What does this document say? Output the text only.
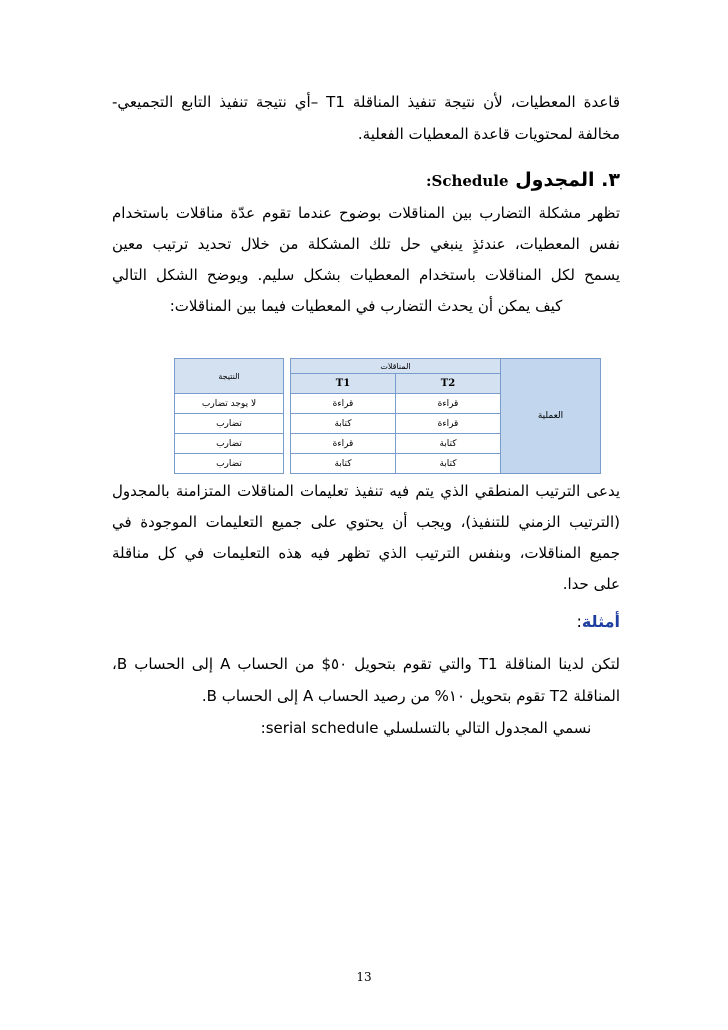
قاعدة المعطيات، لأن نتيجة تنفيذ المناقلة T1 –أي نتيجة تنفيذ التابع التجميعي-
مخالفة لمحتويات قاعدة المعطيات الفعلية.
٣. المجدول Schedule:
تظهر مشكلة التضارب بين المناقلات بوضوح عندما تقوم عدّة مناقلات باستخدام
نفس المعطيات، عندئذٍ ينبغي حل تلك المشكلة من خلال تحديد ترتيب معين
يسمح لكل المناقلات باستخدام المعطيات بشكل سليم. ويوضح الشكل التالي
كيف يمكن أن يحدث التضارب في المعطيات فيما بين المناقلات:
العملية	المناقلات			النتيجة
	T2	T1		
	قراءة	قراءة		لا يوجد تضارب
	قراءة	كتابة		تضارب
	كتابة	قراءة		تضارب
	كتابة	كتابة		تضارب
يدعى الترتيب المنطقي الذي يتم فيه تنفيذ تعليمات المناقلات المتزامنة بالمجدول
(الترتيب الزمني للتنفيذ)، ويجب أن يحتوي على جميع التعليمات الموجودة في
جميع المناقلات، وبنفس الترتيب الذي تظهر فيه هذه التعليمات في كل مناقلة
على حدا.
أمثلة:
لتكن لدينا المناقلة T1 والتي تقوم بتحويل ٥٠$ من الحساب A إلى الحساب B،
المناقلة T2 تقوم بتحويل ١٠% من رصيد الحساب A إلى الحساب B.
نسمي المجدول التالي بالتسلسلي serial schedule:
13
